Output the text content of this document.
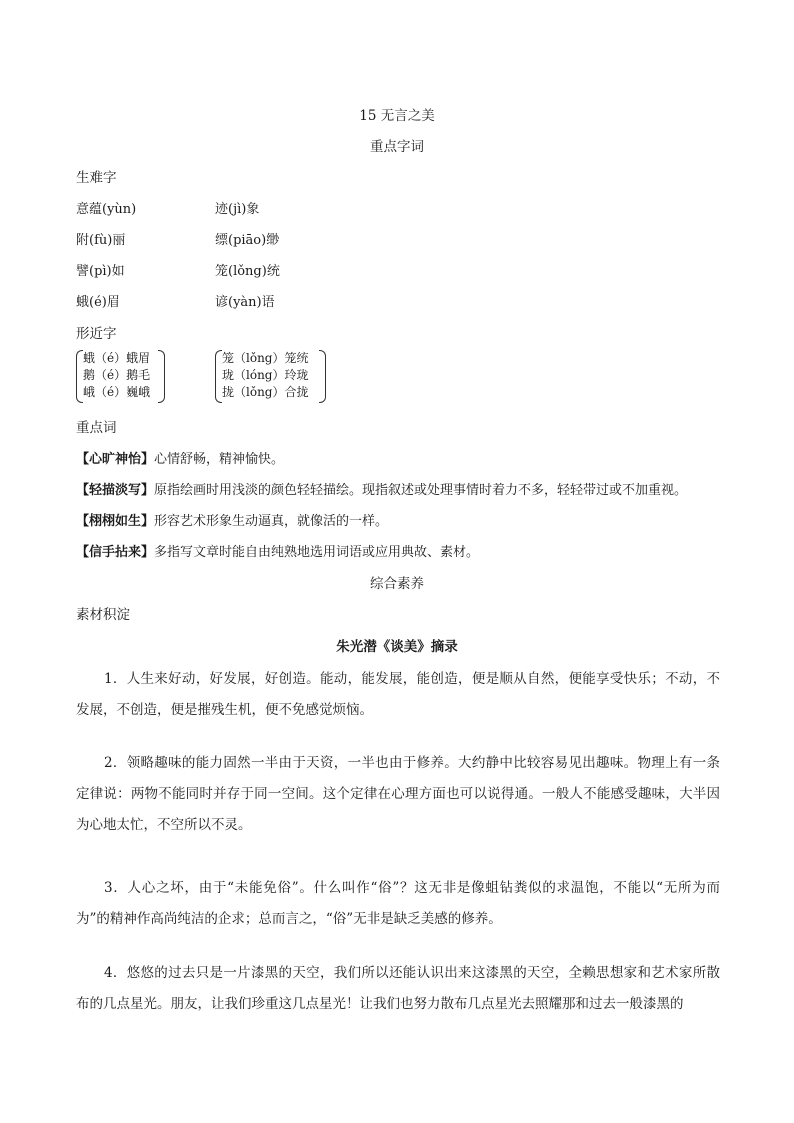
15 无言之美
重点字词
生难字
意蕴(yùn)	迹(jì)象
附(fù)丽	缥(piāo)缈
譬(pì)如	笼(lǒng)统
蛾(é)眉	谚(yàn)语
形近字
蛾（é）蛾眉
鹅（é）鹅毛
峨（é）巍峨
笼（lǒng）笼统
珑（lóng）玲珑
拢（lǒng）合拢
重点词
【心旷神怡】心情舒畅，精神愉快。
【轻描淡写】原指绘画时用浅淡的颜色轻轻描绘。现指叙述或处理事情时着力不多，轻轻带过或不加重视。
【栩栩如生】形容艺术形象生动逼真，就像活的一样。
【信手拈来】多指写文章时能自由纯熟地选用词语或应用典故、素材。
综合素养
素材积淀
朱光潜《谈美》摘录
1．人生来好动，好发展，好创造。能动，能发展，能创造，便是顺从自然，便能享受快乐；不动，不发展，不创造，便是摧残生机，便不免感觉烦恼。
2．领略趣味的能力固然一半由于天资，一半也由于修养。大约静中比较容易见出趣味。物理上有一条定律说：两物不能同时并存于同一空间。这个定律在心理方面也可以说得通。一般人不能感受趣味，大半因为心地太忙，不空所以不灵。
3．人心之坏，由于“未能免俗”。什么叫作“俗”？这无非是像蛆钻粪似的求温饱，不能以“无所为而为”的精神作高尚纯洁的企求；总而言之，“俗”无非是缺乏美感的修养。
4．悠悠的过去只是一片漆黑的天空，我们所以还能认识出来这漆黑的天空，全赖思想家和艺术家所散布的几点星光。朋友，让我们珍重这几点星光！让我们也努力散布几点星光去照耀那和过去一般漆黑的
